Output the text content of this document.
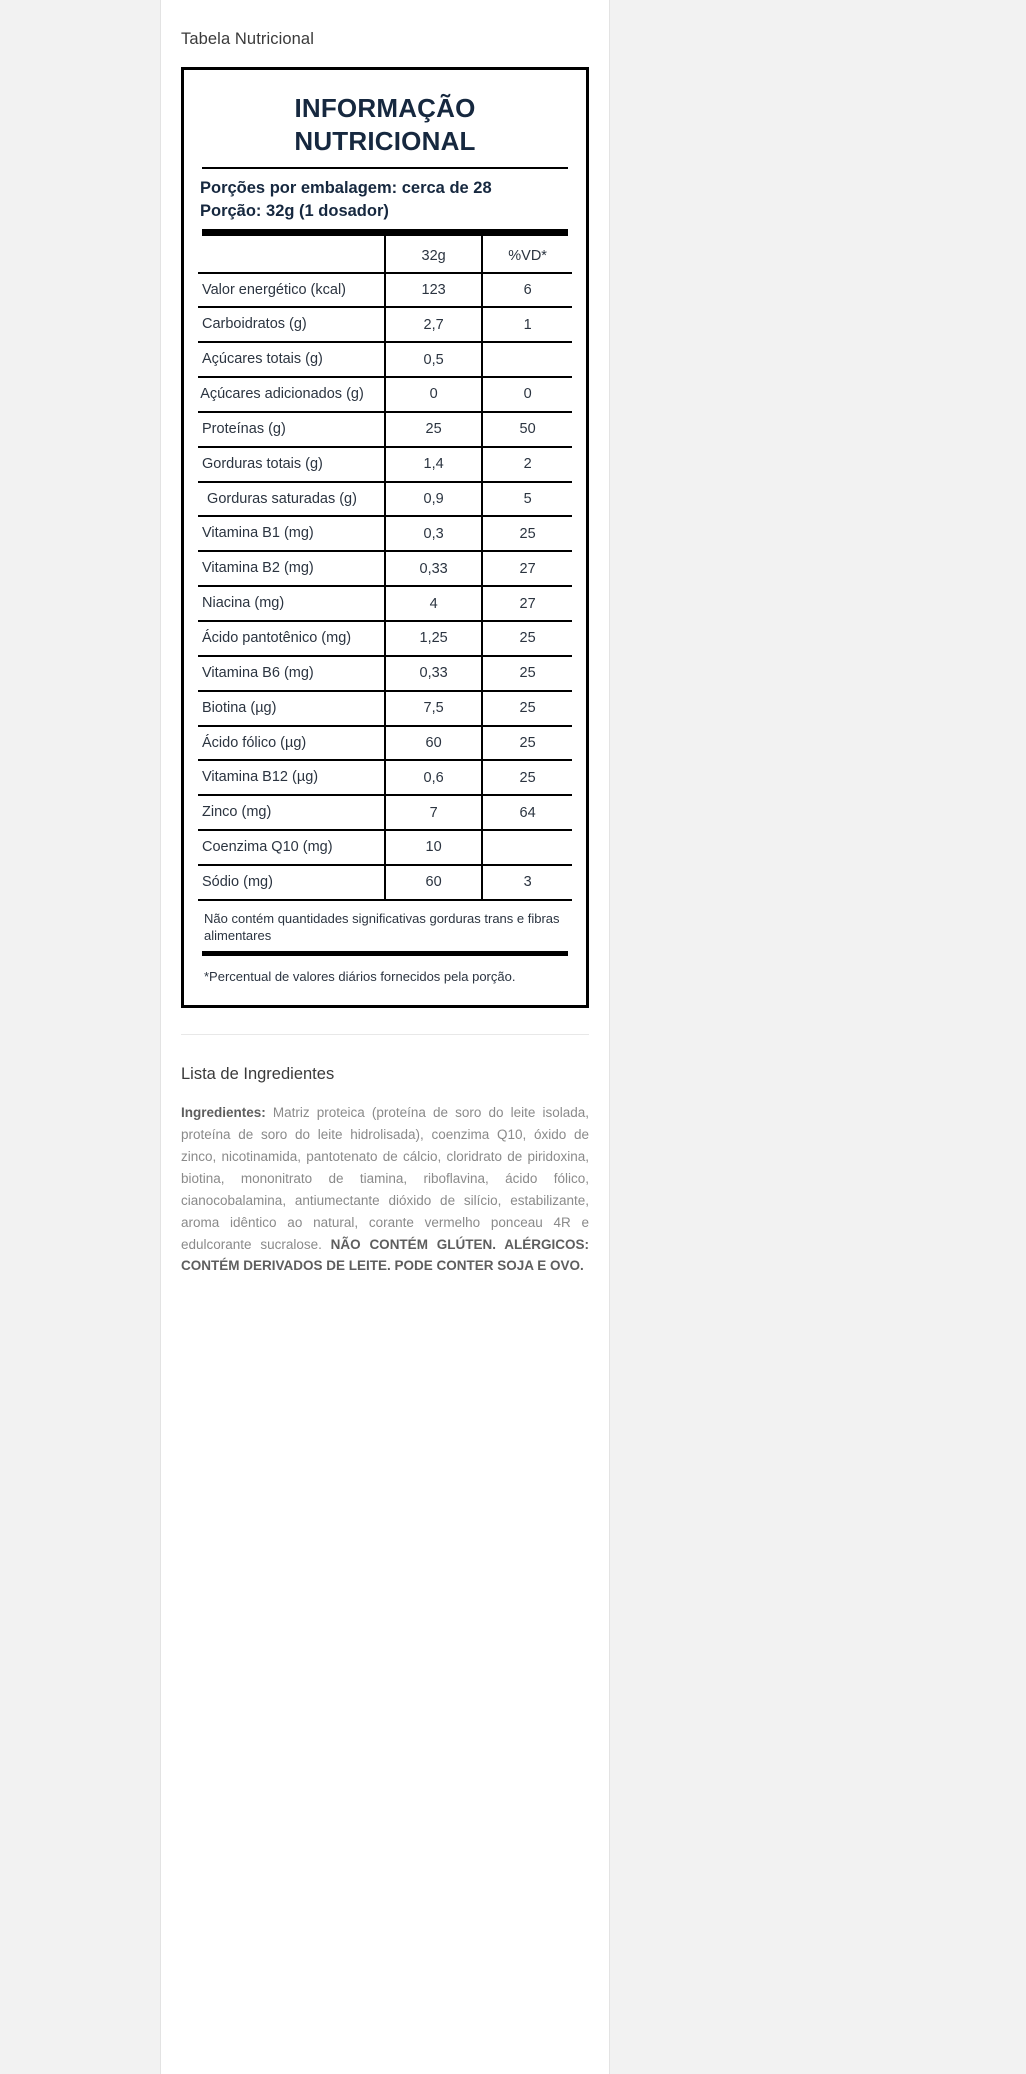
Tabela Nutricional
INFORMAÇÃO
NUTRICIONAL
Porções por embalagem: cerca de 28
Porção: 32g (1 dosador)
	32g	%VD*
Valor energético (kcal)	123	6
Carboidratos (g)	2,7	1
Açúcares totais (g)	0,5	
Açúcares adicionados (g)	0	0
Proteínas (g)	25	50
Gorduras totais (g)	1,4	2
Gorduras saturadas (g)	0,9	5
Vitamina B1 (mg)	0,3	25
Vitamina B2 (mg)	0,33	27
Niacina (mg)	4	27
Ácido pantotênico (mg)	1,25	25
Vitamina B6 (mg)	0,33	25
Biotina (µg)	7,5	25
Ácido fólico (µg)	60	25
Vitamina B12 (µg)	0,6	25
Zinco (mg)	7	64
Coenzima Q10 (mg)	10	
Sódio (mg)	60	3
Não contém quantidades significativas gorduras trans e fibras alimentares
*Percentual de valores diários fornecidos pela porção.
Lista de Ingredientes

Ingredientes: Matriz proteica (proteína de soro do leite isolada, proteína de soro do leite hidrolisada), coenzima Q10, óxido de zinco, nicotinamida, pantotenato de cálcio, cloridrato de piridoxina, biotina, mononitrato de tiamina, riboflavina, ácido fólico, cianocobalamina, antiumectante dióxido de silício, estabilizante, aroma idêntico ao natural, corante vermelho ponceau 4R e edulcorante sucralose. NÃO CONTÉM GLÚTEN. ALÉRGICOS: CONTÉM DERIVADOS DE LEITE. PODE CONTER SOJA E OVO.
